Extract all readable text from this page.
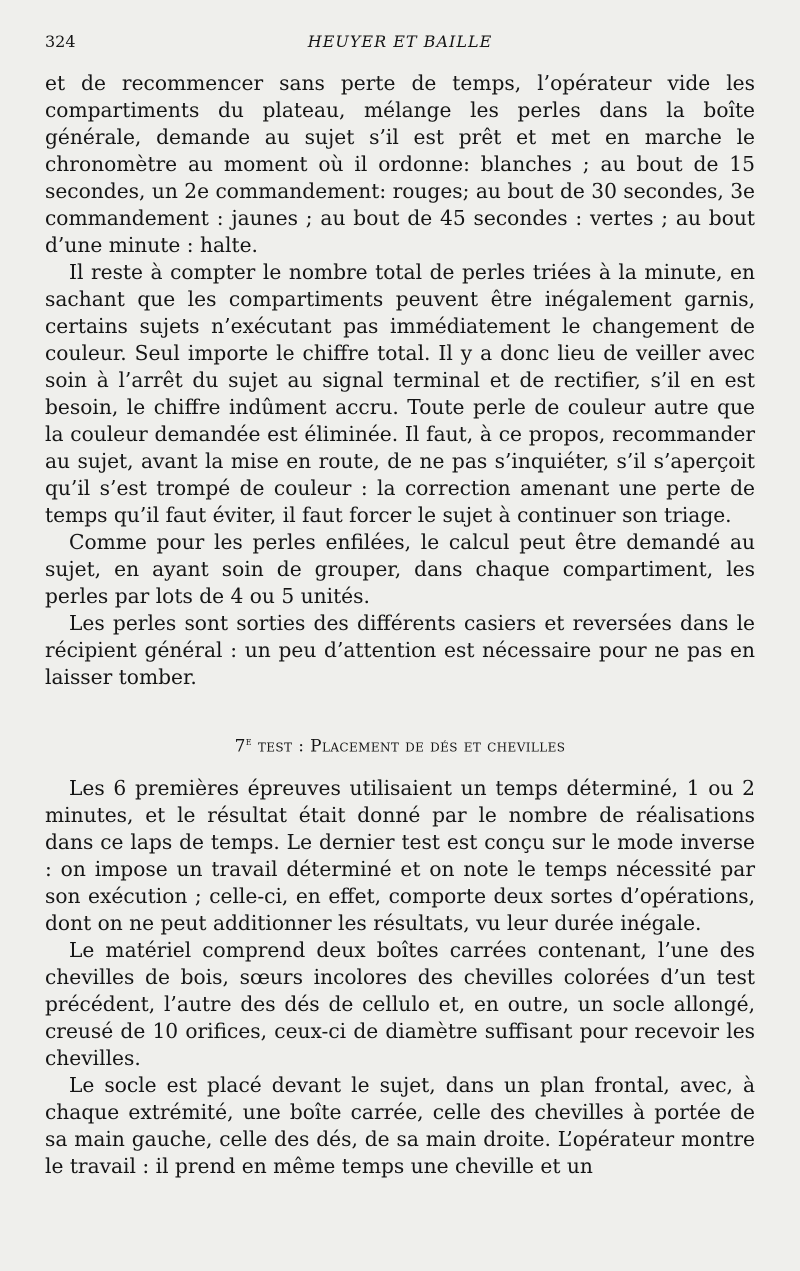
324	HEUYER ET BAILLE

et de recommencer sans perte de temps, l’opérateur vide les compartiments du plateau, mélange les perles dans la boîte générale, demande au sujet s’il est prêt et met en marche le chronomètre au moment où il ordonne: blanches ; au bout de 15 secondes, un 2e commandement: rouges; au bout de 30 secondes, 3e commandement : jaunes ; au bout de 45 secondes : vertes ; au bout d’une minute : halte.

Il reste à compter le nombre total de perles triées à la minute, en sachant que les compartiments peuvent être inégalement garnis, certains sujets n’exécutant pas immédiatement le changement de couleur. Seul importe le chiffre total. Il y a donc lieu de veiller avec soin à l’arrêt du sujet au signal terminal et de rectifier, s’il en est besoin, le chiffre indûment accru. Toute perle de couleur autre que la couleur demandée est éliminée. Il faut, à ce propos, recommander au sujet, avant la mise en route, de ne pas s’inquiéter, s’il s’aperçoit qu’il s’est trompé de couleur : la correction amenant une perte de temps qu’il faut éviter, il faut forcer le sujet à continuer son triage.

Comme pour les perles enfilées, le calcul peut être demandé au sujet, en ayant soin de grouper, dans chaque compartiment, les perles par lots de 4 ou 5 unités.

Les perles sont sorties des différents casiers et reversées dans le récipient général : un peu d’attention est nécessaire pour ne pas en laisser tomber.

7e test : Placement de dés et chevilles

Les 6 premières épreuves utilisaient un temps déterminé, 1 ou 2 minutes, et le résultat était donné par le nombre de réalisations dans ce laps de temps. Le dernier test est conçu sur le mode inverse : on impose un travail déterminé et on note le temps nécessité par son exécution ; celle-ci, en effet, comporte deux sortes d’opérations, dont on ne peut additionner les résultats, vu leur durée inégale.

Le matériel comprend deux boîtes carrées contenant, l’une des chevilles de bois, sœurs incolores des chevilles colorées d’un test précédent, l’autre des dés de cellulo et, en outre, un socle allongé, creusé de 10 orifices, ceux-ci de diamètre suffisant pour recevoir les chevilles.

Le socle est placé devant le sujet, dans un plan frontal, avec, à chaque extrémité, une boîte carrée, celle des chevilles à portée de sa main gauche, celle des dés, de sa main droite. L’opérateur montre le travail : il prend en même temps une cheville et un
